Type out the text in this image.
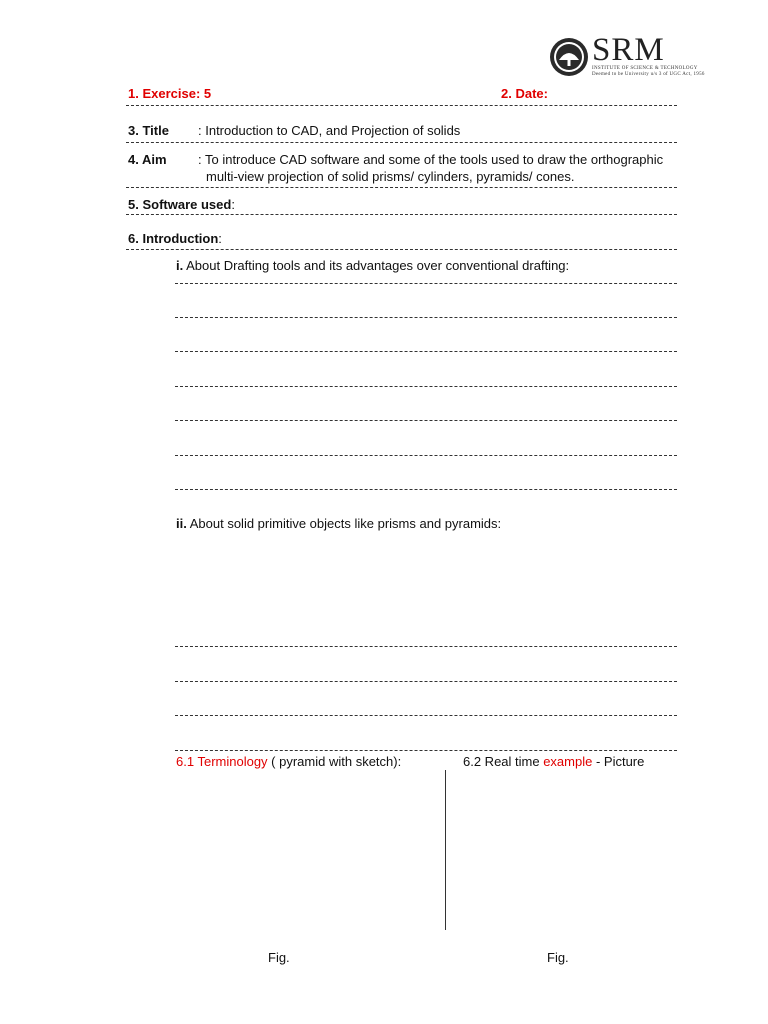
SRM
INSTITUTE OF SCIENCE & TECHNOLOGY
Deemed to be University u/s 3 of UGC Act, 1956
1. Exercise: 5	2. Date:
3. Title : Introduction to CAD, and Projection of solids
4. Aim : To introduce CAD software and some of the tools used to draw the orthographic
multi-view projection of solid prisms/ cylinders, pyramids/ cones.
5. Software used:
6. Introduction:
i. About Drafting tools and its advantages over conventional drafting:
ii. About solid primitive objects like prisms and pyramids:
6.1 Terminology ( pyramid with sketch):	6.2 Real time example - Picture
Fig.	Fig.
